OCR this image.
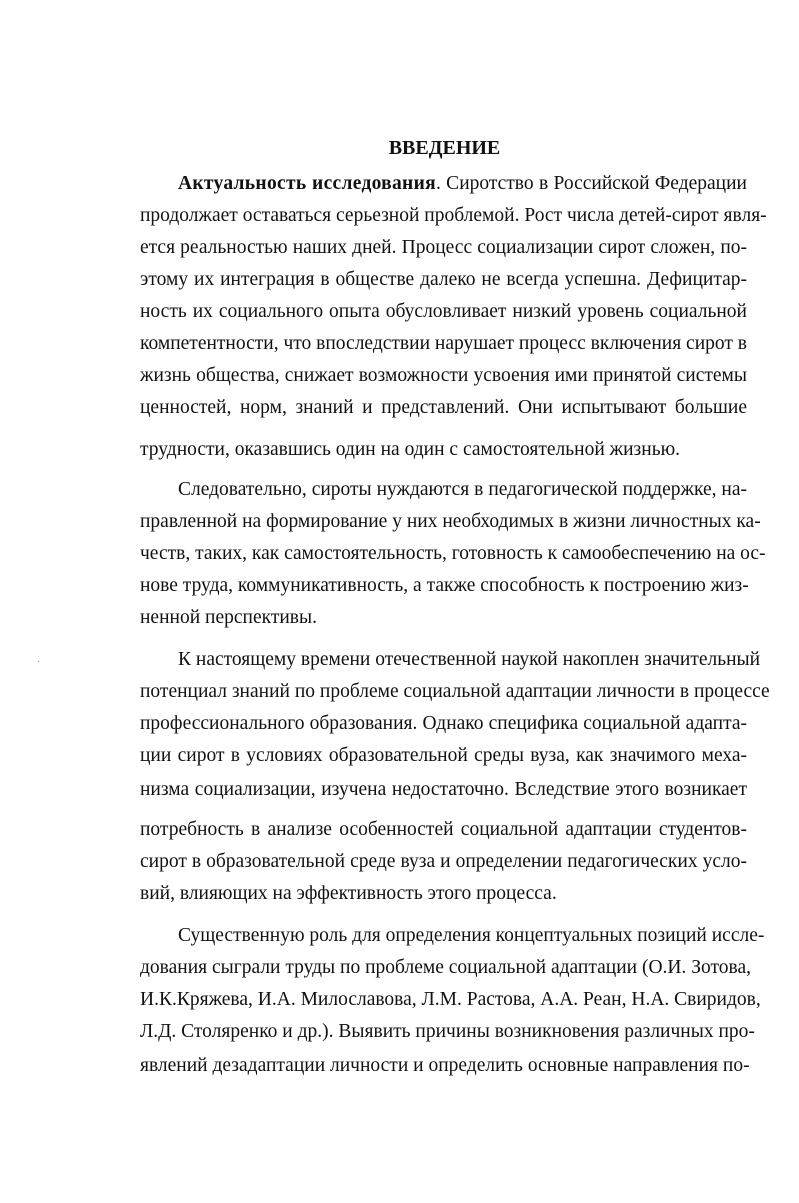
ВВЕДЕНИЕ
Актуальность исследования. Сиротство в Российской Федерации
продолжает оставаться серьезной проблемой. Рост числа детей-сирот явля-
ется реальностью наших дней. Процесс социализации сирот сложен, по-
этому их интеграция в обществе далеко не всегда успешна. Дефицитар-
ность их социального опыта обусловливает низкий уровень социальной
компетентности, что впоследствии нарушает процесс включения сирот в
жизнь общества, снижает возможности усвоения ими принятой системы
ценностей, норм, знаний и представлений. Они испытывают большие
трудности, оказавшись один на один с самостоятельной жизнью.
Следовательно, сироты нуждаются в педагогической поддержке, на-
правленной на формирование у них необходимых в жизни личностных ка-
честв, таких, как самостоятельность, готовность к самообеспечению на ос-
нове труда, коммуникативность, а также способность к построению жиз-
ненной перспективы.
·	К настоящему времени отечественной наукой накоплен значительный
потенциал знаний по проблеме социальной адаптации личности в процессе
профессионального образования. Однако специфика социальной адапта-
ции сирот в условиях образовательной среды вуза, как значимого меха-
низма социализации, изучена недостаточно. Вследствие этого возникает
потребность в анализе особенностей социальной адаптации студентов-
сирот в образовательной среде вуза и определении педагогических усло-
вий, влияющих на эффективность этого процесса.
Существенную роль для определения концептуальных позиций иссле-
дования сыграли труды по проблеме социальной адаптации (О.И. Зотова,
И.К.Кряжева, И.А. Милославова, Л.М. Растова, А.А. Реан, Н.А. Свиридов,
Л.Д. Столяренко и др.). Выявить причины возникновения различных про-
явлений дезадаптации личности и определить основные направления по-
